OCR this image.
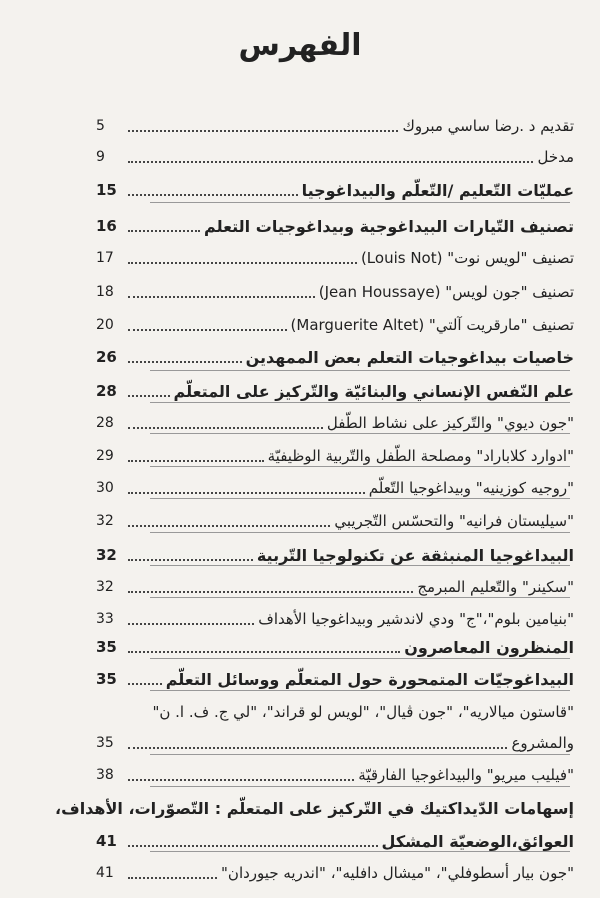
الفهرس
تقديم د .رضا ساسي مبروك
5
مدخل
9
عمليّات التّعليم /التّعلّم والبيداغوجيا
15
تصنيف التّيارات البيداغوجية وبيداغوجيات التعلم
16
تصنيف "لويس نوت" (Louis Not)
17
تصنيف "جون لويس" (Jean Houssaye)
18
تصنيف "مارقريت آلتي" (Marguerite Altet)
20
خاصيات بيداغوجيات التعلم بعض الممهدين
26
علم النّفس الإنساني والبنائيّة والتّركيز على المتعلّم
28
"جون ديوي" والتّركيز على نشاط الطّفل
28
"ادوارد كلاباراد" ومصلحة الطّفل والتّربية الوظيفيّة
29
"روجيه كوزينيه" وبيداغوجيا التّعلّم
30
"سيليستان فرانيه" والتحسّس التّجريبي
32
البيداغوجيا المنبثقة عن تكنولوجيا التّربية
32
"سكينر" والتّعليم المبرمج
32
"بنيامين بلوم"،"ج" ودي لاندشير وبيداغوجيا الأهداف
33
المنظرون المعاصرون
35
البيداغوجيّات المتمحورة حول المتعلّم ووسائل التعلّم
35
"قاستون ميالاريه"، "جون ڤيال"، "لويس لو قراند"، "لي ج. ف. ا. ن"
والمشروع
35
"فيليب ميريو" والبيداغوجيا الفارقيّة
38
إسهامات الدّيداكتيك في التّركيز على المتعلّم : التّصوّرات، الأهداف،
العوائق،الوضعيّة المشكل
41
"جون بيار أسطوفلي"، "ميشال دافليه"، "اندريه جيوردان"
41
